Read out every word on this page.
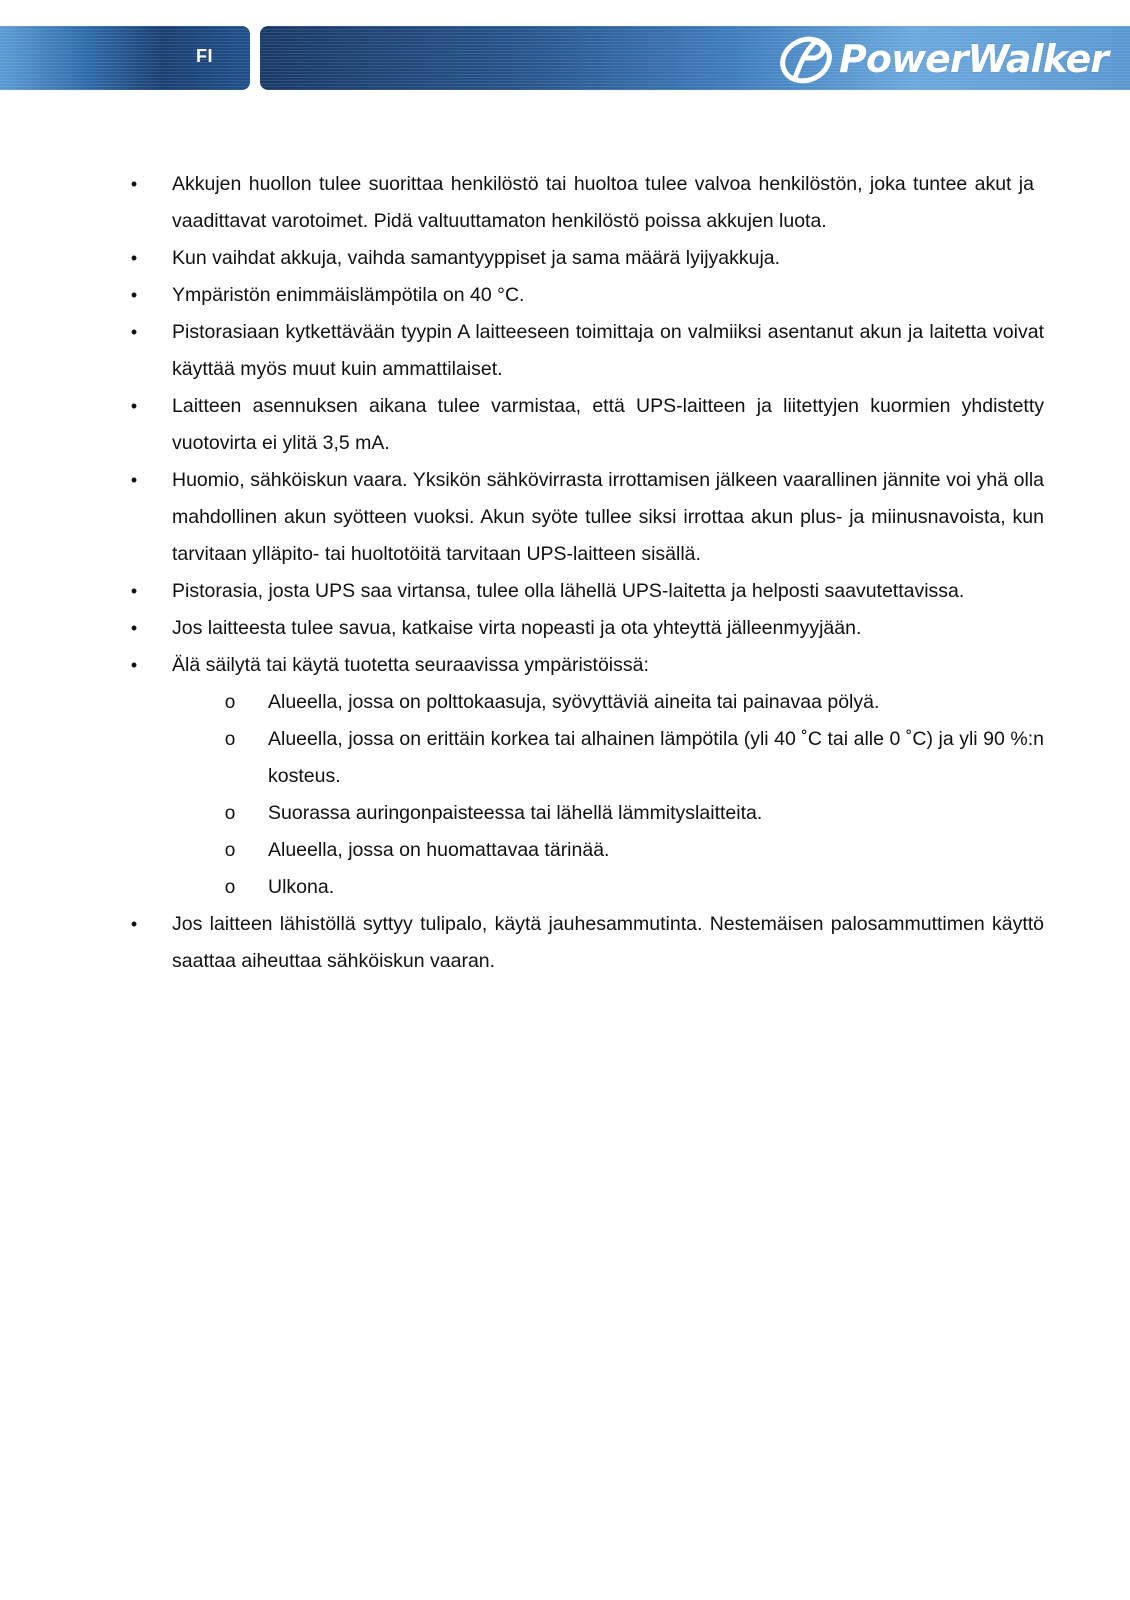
FI	PowerWalker
•	Akkujen huollon tulee suorittaa henkilöstö tai huoltoa tulee valvoa henkilöstön, joka tuntee akut ja vaadittavat varotoimet. Pidä valtuuttamaton henkilöstö poissa akkujen luota.
•	Kun vaihdat akkuja, vaihda samantyyppiset ja sama määrä lyijyakkuja.
•	Ympäristön enimmäislämpötila on 40 °C.
•	Pistorasiaan kytkettävään tyypin A laitteeseen toimittaja on valmiiksi asentanut akun ja laitetta voivat käyttää myös muut kuin ammattilaiset.
•	Laitteen asennuksen aikana tulee varmistaa, että UPS-laitteen ja liitettyjen kuormien yhdistetty vuotovirta ei ylitä 3,5 mA.
•	Huomio, sähköiskun vaara. Yksikön sähkövirrasta irrottamisen jälkeen vaarallinen jännite voi yhä olla mahdollinen akun syötteen vuoksi. Akun syöte tullee siksi irrottaa akun plus- ja miinusnavoista, kun tarvitaan ylläpito- tai huoltotöitä tarvitaan UPS-laitteen sisällä.
•	Pistorasia, josta UPS saa virtansa, tulee olla lähellä UPS-laitetta ja helposti saavutettavissa.
•	Jos laitteesta tulee savua, katkaise virta nopeasti ja ota yhteyttä jälleenmyyjään.
•	Älä säilytä tai käytä tuotetta seuraavissa ympäristöissä:
o Alueella, jossa on polttokaasuja, syövyttäviä aineita tai painavaa pölyä.
o Alueella, jossa on erittäin korkea tai alhainen lämpötila (yli 40 ˚C tai alle 0 ˚C) ja yli 90 %:n kosteus.
o Suorassa auringonpaisteessa tai lähellä lämmityslaitteita.
o Alueella, jossa on huomattavaa tärinää.
o Ulkona.
•	Jos laitteen lähistöllä syttyy tulipalo, käytä jauhesammutinta. Nestemäisen palosammuttimen käyttö saattaa aiheuttaa sähköiskun vaaran.
